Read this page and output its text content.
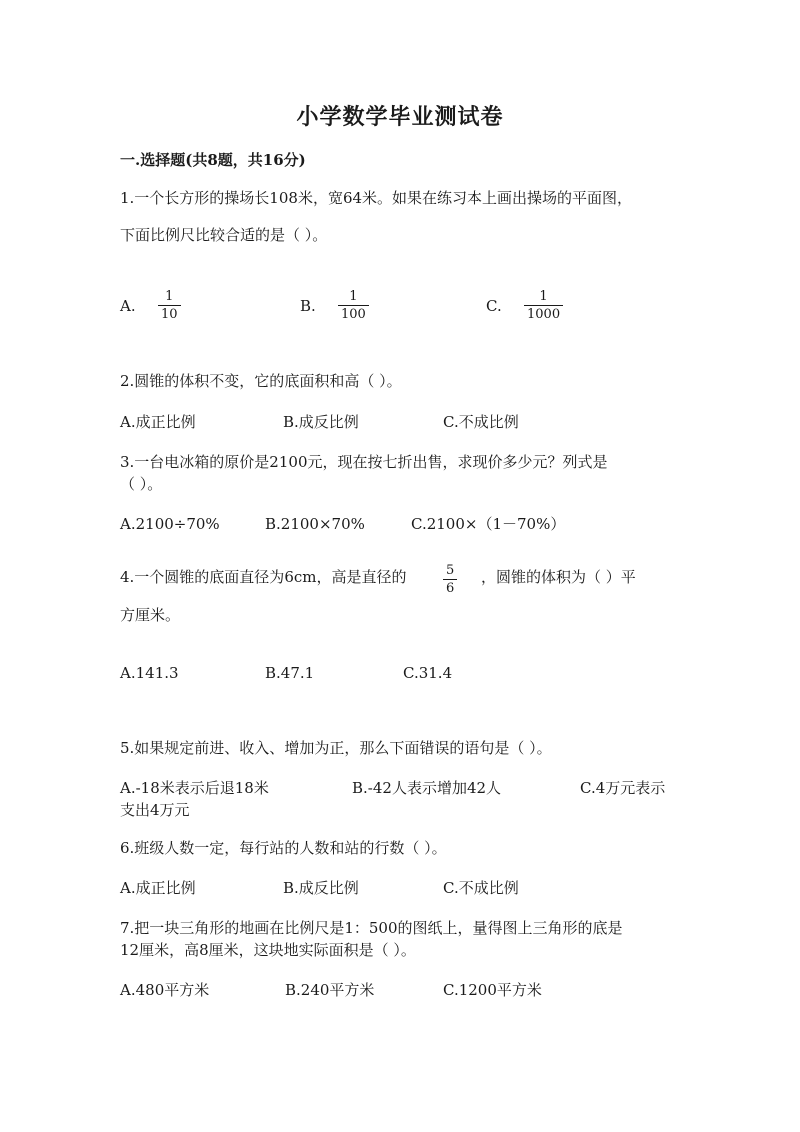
小学数学毕业测试卷
一.选择题(共8题，共16分)
1.一个长方形的操场长108米，宽64米。如果在练习本上画出操场的平面图，
下面比例尺比较合适的是（ ）。
A.
1
10	B.
1
100	C.
1
1000
2.圆锥的体积不变，它的底面积和高（ ）。
A.成正比例	B.成反比例	C.不成比例
3.一台电冰箱的原价是2100元，现在按七折出售，求现价多少元？列式是
（ ）。
A.2100÷70%	B.2100×70%	C.2100×（1－70%）
4.一个圆锥的底面直径为6cm，高是直径的	5
6
，圆锥的体积为（ ）平
方厘米。
A.141.3	B.47.1	C.31.4
5.如果规定前进、收入、增加为正，那么下面错误的语句是（ ）。
A.-18米表示后退18米	B.-42人表示增加42人	C.4万元表示
支出4万元
6.班级人数一定，每行站的人数和站的行数（ ）。
A.成正比例	B.成反比例	C.不成比例
7.把一块三角形的地画在比例尺是1：500的图纸上，量得图上三角形的底是
12厘米，高8厘米，这块地实际面积是（ ）。
A.480平方米	B.240平方米	C.1200平方米
